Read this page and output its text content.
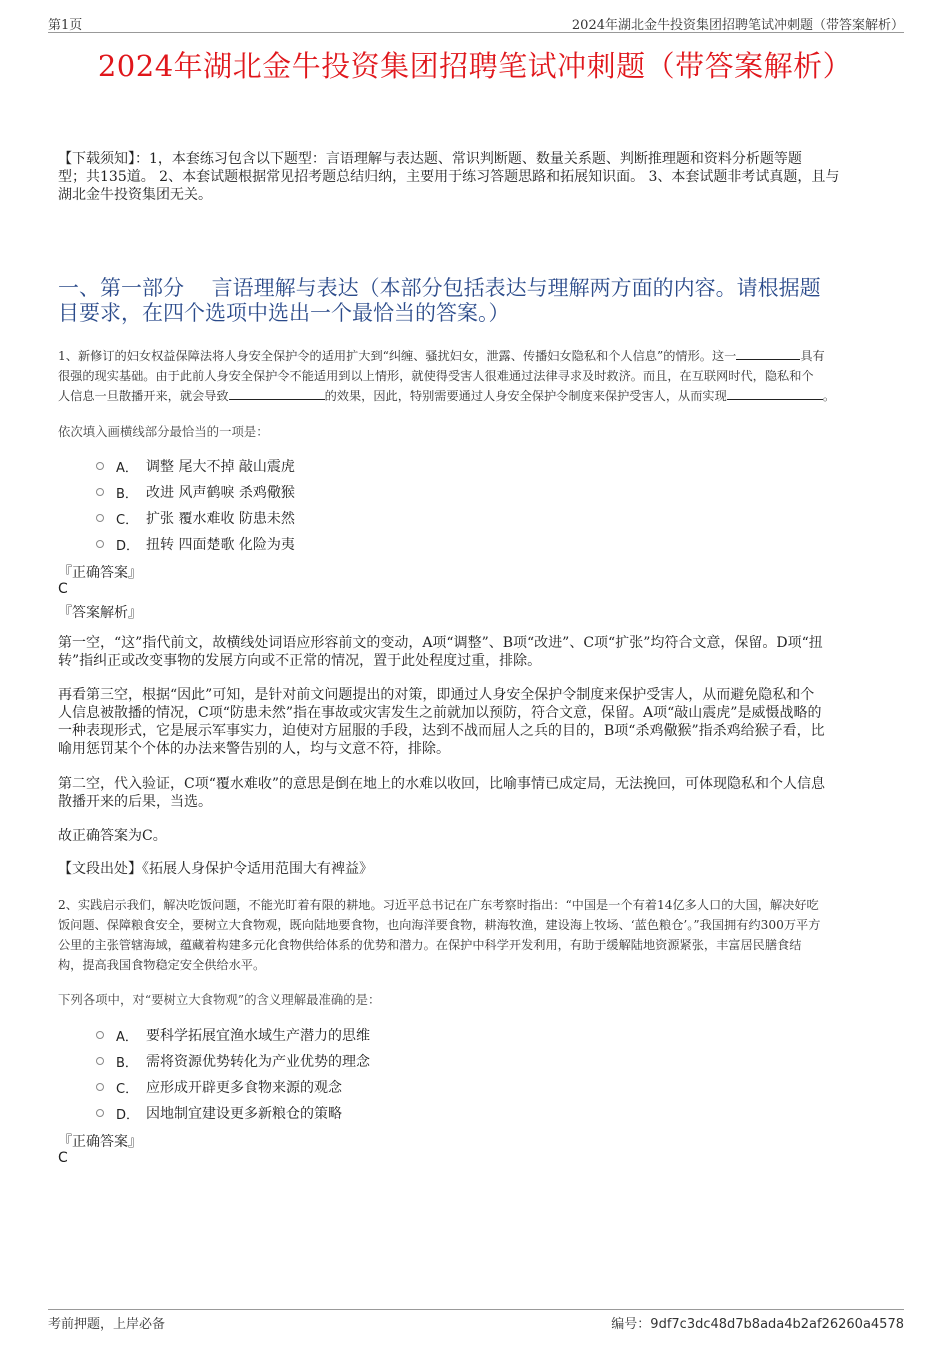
第1页	2024年湖北金牛投资集团招聘笔试冲刺题（带答案解析）
2024年湖北金牛投资集团招聘笔试冲刺题（带答案解析）
【下载须知】：1，本套练习包含以下题型：言语理解与表达题、常识判断题、数量关系题、判断推理题和资料分析题等题
型；共135道。 2、本套试题根据常见招考题总结归纳，主要用于练习答题思路和拓展知识面。 3、本套试题非考试真题，且与
湖北金牛投资集团无关。
一、第一部分　 言语理解与表达（本部分包括表达与理解两方面的内容。请根据题
目要求，在四个选项中选出一个最恰当的答案。）
1、新修订的妇女权益保障法将人身安全保护令的适用扩大到“纠缠、骚扰妇女，泄露、传播妇女隐私和个人信息”的情形。这一	具有
很强的现实基础。由于此前人身安全保护令不能适用到以上情形，就使得受害人很难通过法律寻求及时救济。而且，在互联网时代，隐私和个
人信息一旦散播开来，就会导致	的效果，因此，特别需要通过人身安全保护令制度来保护受害人，从而实现	。
依次填入画横线部分最恰当的一项是：
A． 调整 尾大不掉 敲山震虎
B． 改进 风声鹤唳 杀鸡儆猴
C． 扩张 覆水难收 防患未然
D． 扭转 四面楚歌 化险为夷
『正确答案』
C
『答案解析』
第一空，“这”指代前文，故横线处词语应形容前文的变动，A项“调整”、B项“改进”、C项“扩张”均符合文意，保留。D项“扭
转”指纠正或改变事物的发展方向或不正常的情况，置于此处程度过重，排除。
再看第三空，根据“因此”可知，是针对前文问题提出的对策，即通过人身安全保护令制度来保护受害人，从而避免隐私和个
人信息被散播的情况，C项“防患未然”指在事故或灾害发生之前就加以预防，符合文意，保留。A项“敲山震虎”是威慑战略的
一种表现形式，它是展示军事实力，迫使对方屈服的手段，达到不战而屈人之兵的目的，B项“杀鸡儆猴”指杀鸡给猴子看，比
喻用惩罚某个个体的办法来警告别的人，均与文意不符，排除。
第二空，代入验证，C项“覆水难收”的意思是倒在地上的水难以收回，比喻事情已成定局，无法挽回，可体现隐私和个人信息
散播开来的后果，当选。
故正确答案为C。
【文段出处】《拓展人身保护令适用范围大有裨益》
2、实践启示我们，解决吃饭问题，不能光盯着有限的耕地。习近平总书记在广东考察时指出：“中国是一个有着14亿多人口的大国，解决好吃
饭问题、保障粮食安全，要树立大食物观，既向陆地要食物，也向海洋要食物，耕海牧渔，建设海上牧场、‘蓝色粮仓’。”我国拥有约300万平方
公里的主张管辖海域，蕴藏着构建多元化食物供给体系的优势和潜力。在保护中科学开发利用，有助于缓解陆地资源紧张，丰富居民膳食结
构，提高我国食物稳定安全供给水平。
下列各项中，对“要树立大食物观”的含义理解最准确的是：
A． 要科学拓展宜渔水域生产潜力的思维
B． 需将资源优势转化为产业优势的理念
C． 应形成开辟更多食物来源的观念
D． 因地制宜建设更多新粮仓的策略
『正确答案』
C
考前押题，上岸必备	编号：9df7c3dc48d7b8ada4b2af26260a4578
